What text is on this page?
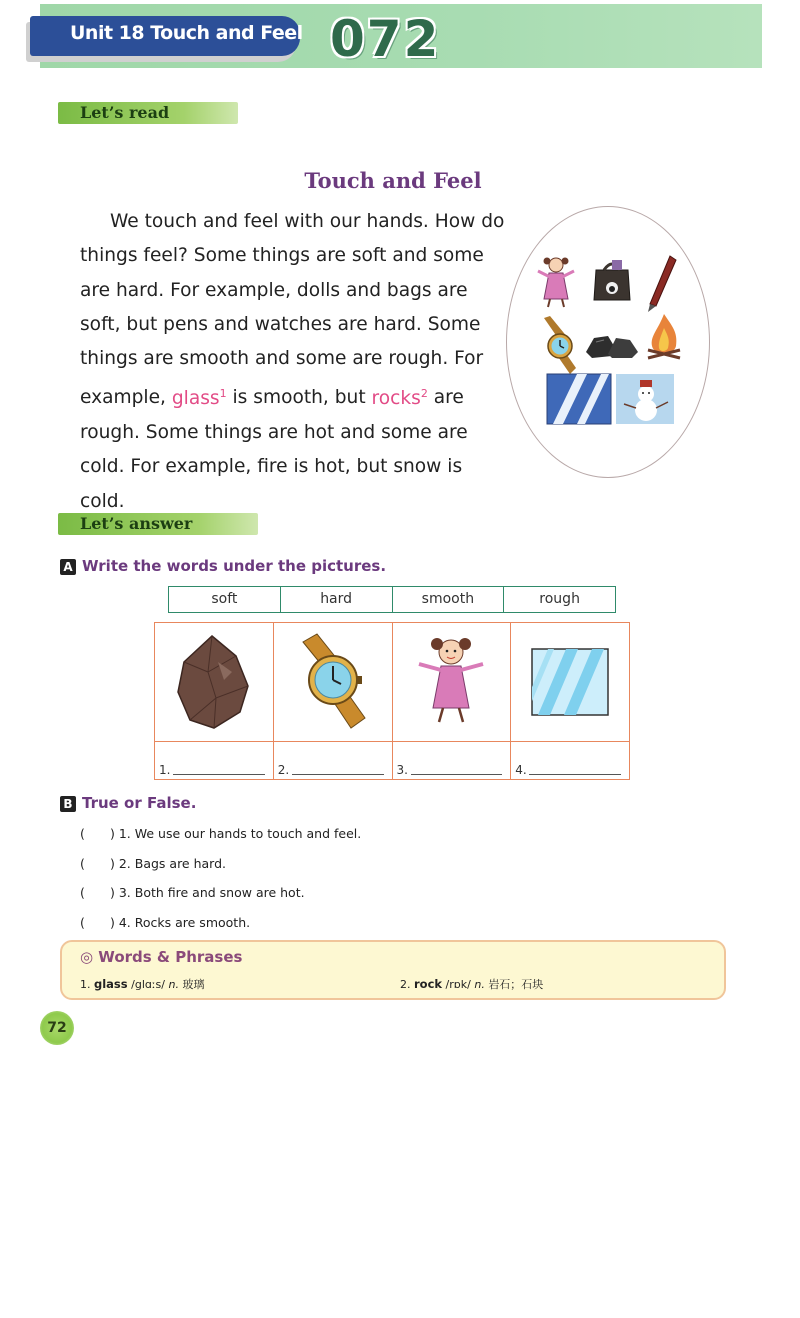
Unit 18 Touch and Feel 072
Let’s read
Touch and Feel

We touch and feel with our hands. How do things feel? Some things are soft and some are hard. For example, dolls and bags are soft, but pens and watches are hard. Some things are smooth and some are rough. For example, glass$^1$ is smooth, but rocks$^2$ are rough. Some things are hot and some are cold. For example, fire is hot, but snow is cold.

Let’s answer
A Write the words under the pictures.
soft	hard	smooth	rough
1.	2.	3.	4.
B True or False.
( ) 1. We use our hands to touch and feel.
( ) 2. Bags are hard.
( ) 3. Both fire and snow are hot.
( ) 4. Rocks are smooth.
◎ Words & Phrases
1. glass /glɑːs/ n. 玻璃	2. rock /rɒk/ n. 岩石；石块
72
